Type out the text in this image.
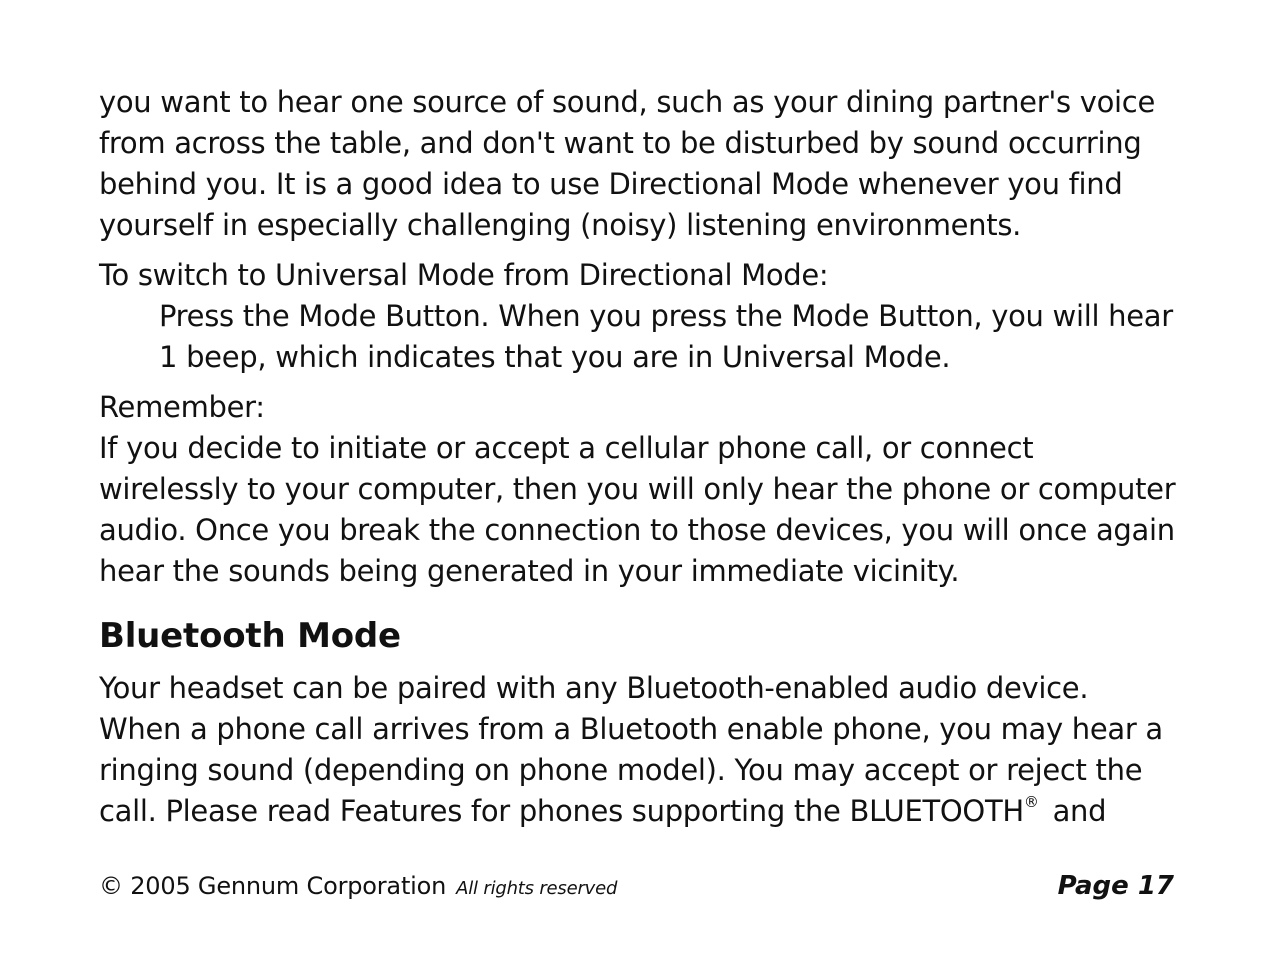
you want to hear one source of sound, such as your dining partner's voice from across the table, and don't want to be disturbed by sound occurring behind you. It is a good idea to use Directional Mode whenever you find yourself in especially challenging (noisy) listening environments.

To switch to Universal Mode from Directional Mode:

Press the Mode Button. When you press the Mode Button, you will hear 1 beep, which indicates that you are in Universal Mode.

Remember:

If you decide to initiate or accept a cellular phone call, or connect wirelessly to your computer, then you will only hear the phone or computer audio. Once you break the connection to those devices, you will once again hear the sounds being generated in your immediate vicinity.

Bluetooth Mode

Your headset can be paired with any Bluetooth-enabled audio device. When a phone call arrives from a Bluetooth enable phone, you may hear a ringing sound (depending on phone model). You may accept or reject the call. Please read Features for phones supporting the BLUETOOTH® and

© 2005 Gennum Corporation All rights reserved	Page 17
